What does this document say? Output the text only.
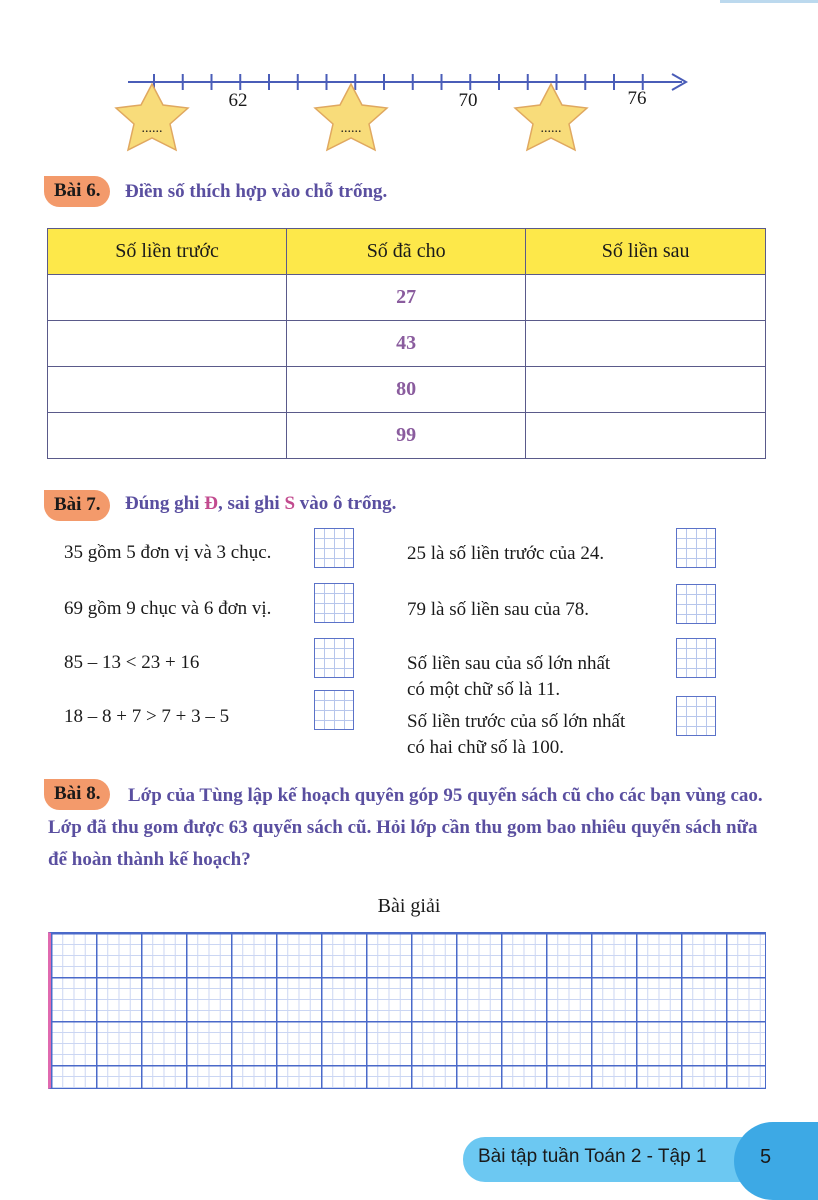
62	70	76
......	......	......
Bài 6.	Điền số thích hợp vào chỗ trống.
Số liền trước	Số đã cho	Số liền sau
	27	
	43	
	80	
	99	
Bài 7.	Đúng ghi Đ, sai ghi S vào ô trống.
35 gồm 5 đơn vị và 3 chục.
69 gồm 9 chục và 6 đơn vị.
85 – 13 < 23 + 16
18 – 8 + 7 > 7 + 3 – 5
25 là số liền trước của 24.
79 là số liền sau của 78.
Số liền sau của số lớn nhất
có một chữ số là 11.
Số liền trước của số lớn nhất
có hai chữ số là 100.
Bài 8.	Lớp của Tùng lập kế hoạch quyên góp 95 quyển sách cũ cho các bạn vùng cao. Lớp đã thu gom được 63 quyển sách cũ. Hỏi lớp cần thu gom bao nhiêu quyển sách nữa để hoàn thành kế hoạch?
Bài giải
Bài tập tuần Toán 2 - Tập 1	5
